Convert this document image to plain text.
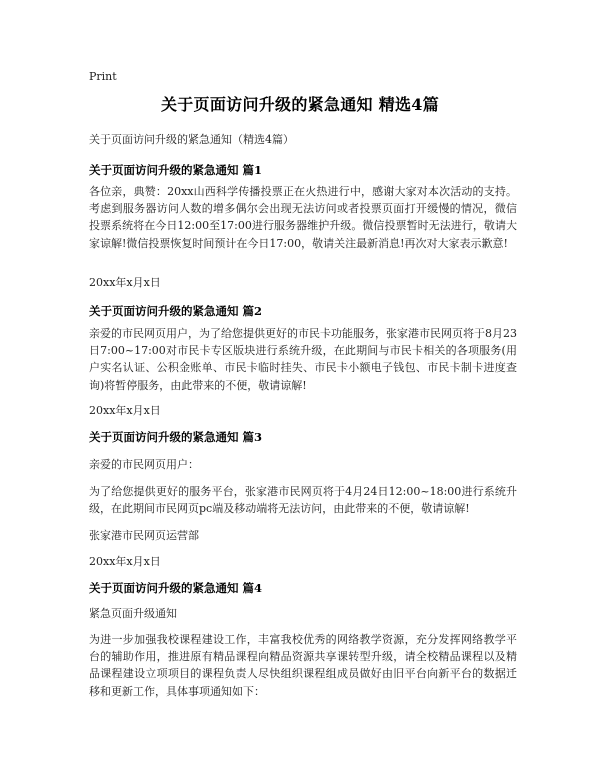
Print
关于页面访问升级的紧急通知 精选4篇
关于页面访问升级的紧急通知（精选4篇）
关于页面访问升级的紧急通知 篇1
各位亲，典赞：20xx山西科学传播投票正在火热进行中，感谢大家对本次活动的支持。考虑到服务器访问人数的增多偶尔会出现无法访问或者投票页面打开缓慢的情况，微信投票系统将在今日12:00至17:00进行服务器维护升级。微信投票暂时无法进行，敬请大家谅解!微信投票恢复时间预计在今日17:00，敬请关注最新消息!再次对大家表示歉意!
20xx年x月x日
关于页面访问升级的紧急通知 篇2
亲爱的市民网页用户，为了给您提供更好的市民卡功能服务，张家港市民网页将于8月23日7:00~17:00对市民卡专区版块进行系统升级，在此期间与市民卡相关的各项服务(用户实名认证、公积金账单、市民卡临时挂失、市民卡小额电子钱包、市民卡制卡进度查询)将暂停服务，由此带来的不便，敬请谅解!
20xx年x月x日
关于页面访问升级的紧急通知 篇3
亲爱的市民网页用户：
为了给您提供更好的服务平台，张家港市民网页将于4月24日12:00~18:00进行系统升级，在此期间市民网页pc端及移动端将无法访问，由此带来的不便，敬请谅解!
张家港市民网页运营部
20xx年x月x日
关于页面访问升级的紧急通知 篇4
紧急页面升级通知
为进一步加强我校课程建设工作，丰富我校优秀的网络教学资源，充分发挥网络教学平台的辅助作用，推进原有精品课程向精品资源共享课转型升级，请全校精品课程以及精品课程建设立项项目的课程负责人尽快组织课程组成员做好由旧平台向新平台的数据迁移和更新工作，具体事项通知如下：
